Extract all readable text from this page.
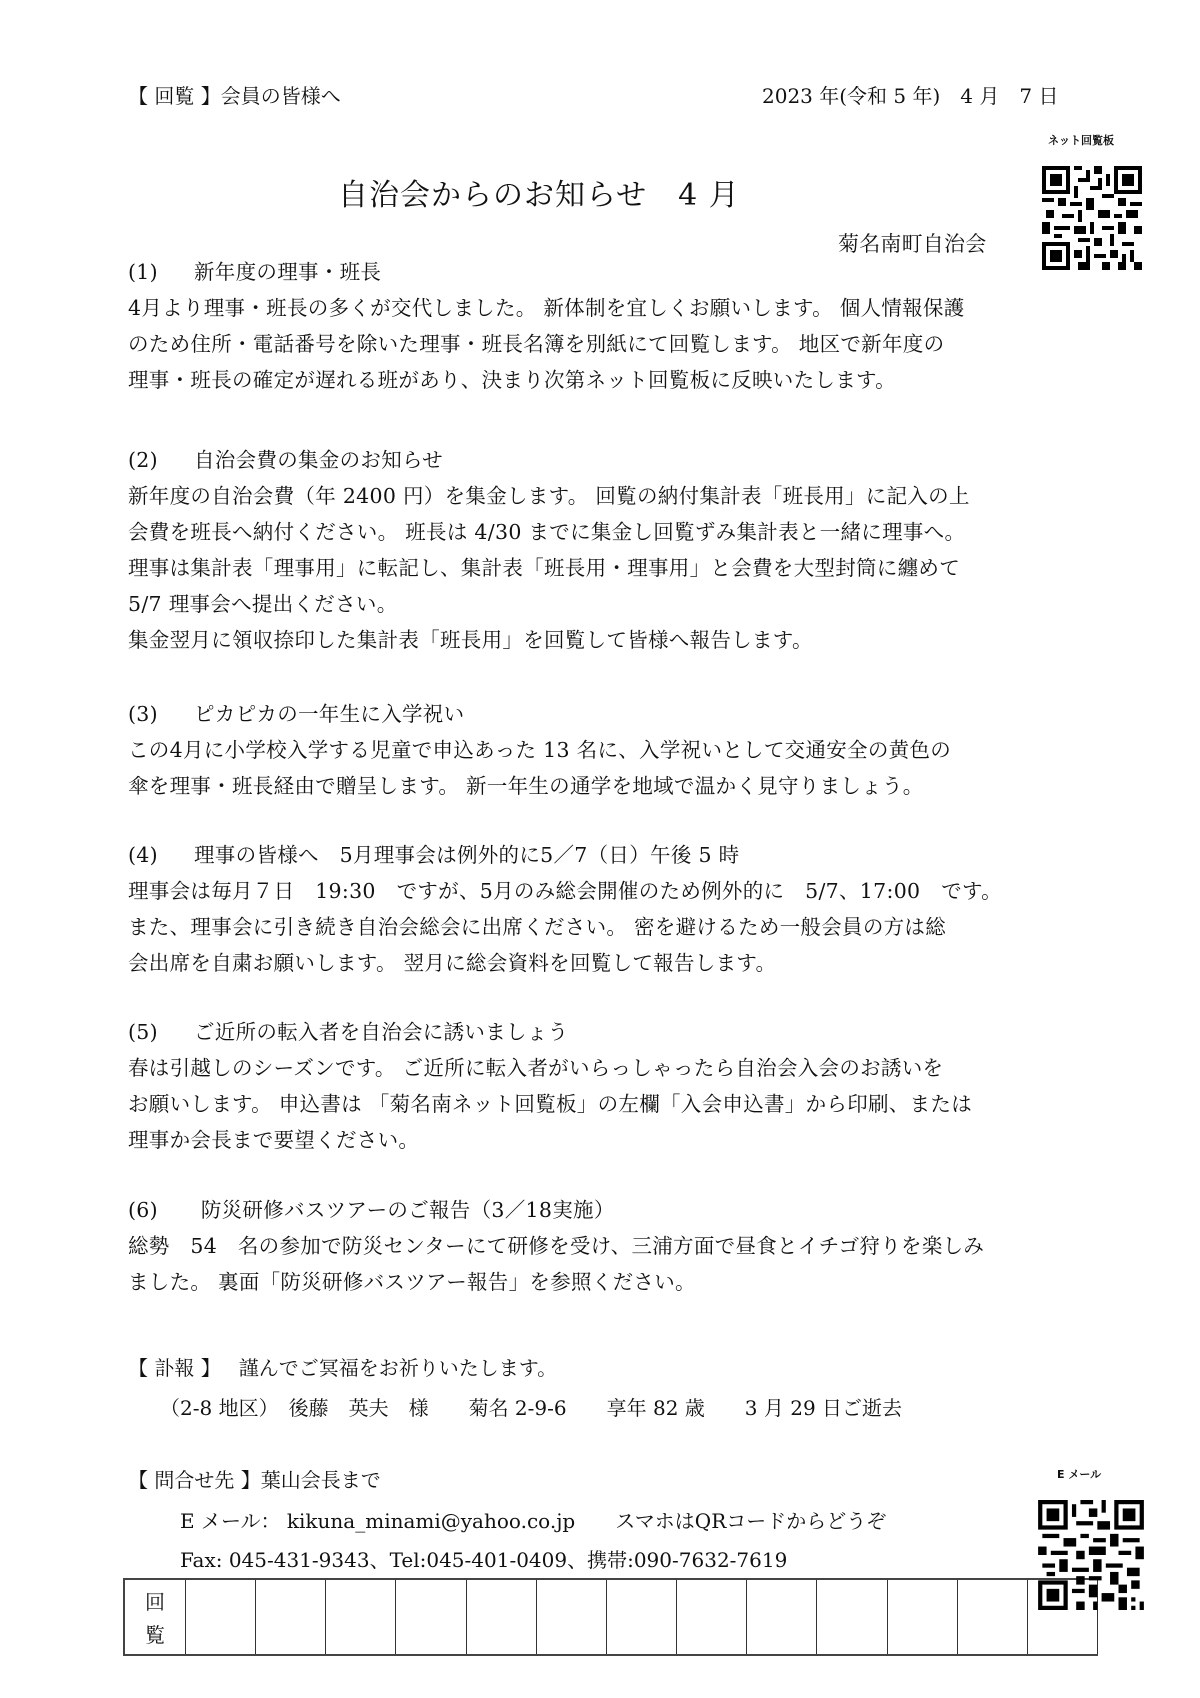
【 回覧 】会員の皆様へ	2023 年(令和 5 年)　4 月　7 日
ネット回覧板
自治会からのお知らせ　4 月
菊名南町自治会
(1) 新年度の理事・班長
4月より理事・班長の多くが交代しました。 新体制を宜しくお願いします。 個人情報保護
のため住所・電話番号を除いた理事・班長名簿を別紙にて回覧します。 地区で新年度の
理事・班長の確定が遅れる班があり、決まり次第ネット回覧板に反映いたします。
(2) 自治会費の集金のお知らせ
新年度の自治会費（年 2400 円）を集金します。 回覧の納付集計表「班長用」に記入の上
会費を班長へ納付ください。 班長は 4/30 までに集金し回覧ずみ集計表と一緒に理事へ。
理事は集計表「理事用」に転記し、集計表「班長用・理事用」と会費を大型封筒に纏めて
5/7 理事会へ提出ください。
集金翌月に領収捺印した集計表「班長用」を回覧して皆様へ報告します。
(3) ピカピカの一年生に入学祝い
この4月に小学校入学する児童で申込あった 13 名に、入学祝いとして交通安全の黄色の
傘を理事・班長経由で贈呈します。 新一年生の通学を地域で温かく見守りましょう。
(4) 理事の皆様へ　5月理事会は例外的に5／7（日）午後 5 時
理事会は毎月７日　19:30　ですが、5月のみ総会開催のため例外的に　5/7、17:00　です。
また、理事会に引き続き自治会総会に出席ください。 密を避けるため一般会員の方は総
会出席を自粛お願いします。 翌月に総会資料を回覧して報告します。
(5) ご近所の転入者を自治会に誘いましょう
春は引越しのシーズンです。 ご近所に転入者がいらっしゃったら自治会入会のお誘いを
お願いします。 申込書は 「菊名南ネット回覧板」の左欄「入会申込書」から印刷、または
理事か会長まで要望ください。
(6) 防災研修バスツアーのご報告（3／18実施）
総勢　54　名の参加で防災センターにて研修を受け、三浦方面で昼食とイチゴ狩りを楽しみ
ました。 裏面「防災研修バスツアー報告」を参照ください。
【 訃報 】 謹んでご冥福をお祈りいたします。
（2-8 地区）　後藤　英夫　様　　菊名 2-9-6　　享年 82 歳　　3 月 29 日ご逝去
【 問合せ先 】葉山会長まで
E メール： kikuna_minami@yahoo.co.jp　　スマホはQRコードからどうぞ
Fax: 045-431-9343、Tel:045-401-0409、携帯:090-7632-7619
E メール
回
覧
